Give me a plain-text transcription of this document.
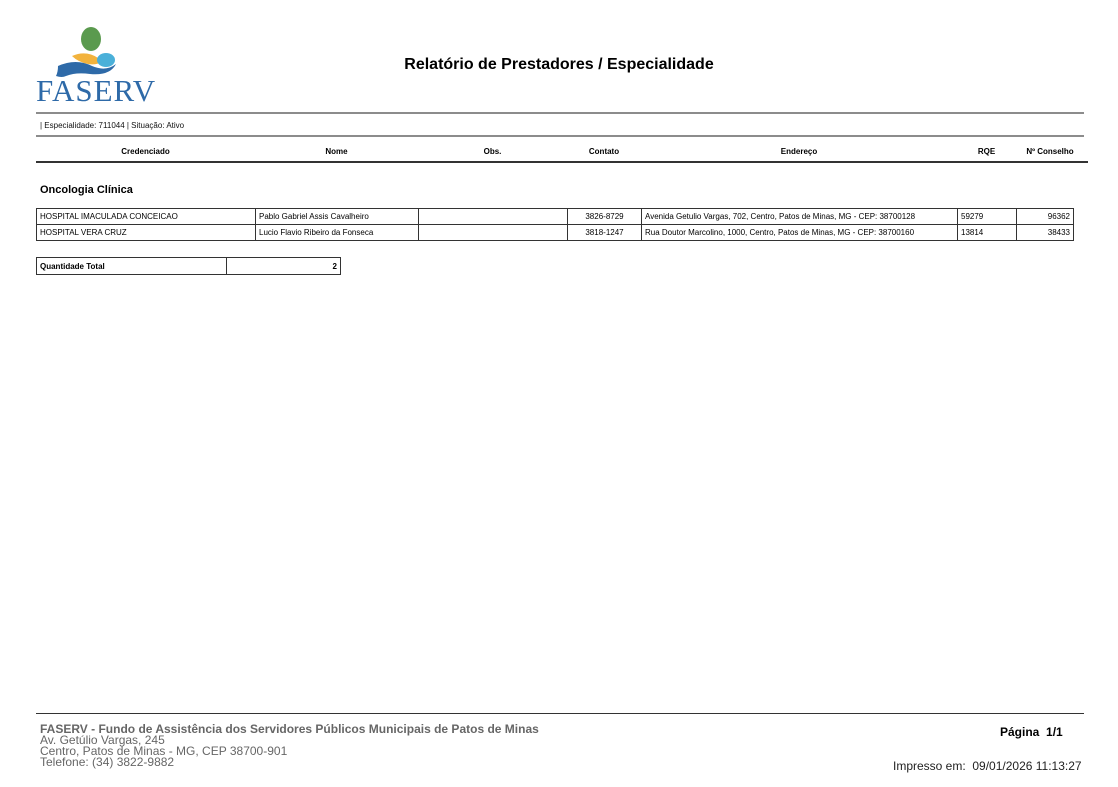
FASERV
Relatório de Prestadores / Especialidade
| Especialidade: 711044 | Situação: Ativo
Credenciado	Nome	Obs.	Contato	Endereço	RQE	Nº Conselho
Oncologia Clínica
HOSPITAL IMACULADA CONCEICAO	Pablo Gabriel Assis Cavalheiro		3826-8729	Avenida Getulio Vargas, 702, Centro, Patos de Minas, MG - CEP: 38700128	59279	96362
HOSPITAL VERA CRUZ	Lucio Flavio Ribeiro da Fonseca		3818-1247	Rua Doutor Marcolino, 1000, Centro, Patos de Minas, MG - CEP: 38700160	13814	38433
Quantidade Total	2
FASERV - Fundo de Assistência dos Servidores Públicos Municipais de Patos de Minas
Av. Getúlio Vargas, 245
Centro, Patos de Minas - MG, CEP 38700-901
Telefone: (34) 3822-9882
Página  1/1
Impresso em:  09/01/2026 11:13:27
